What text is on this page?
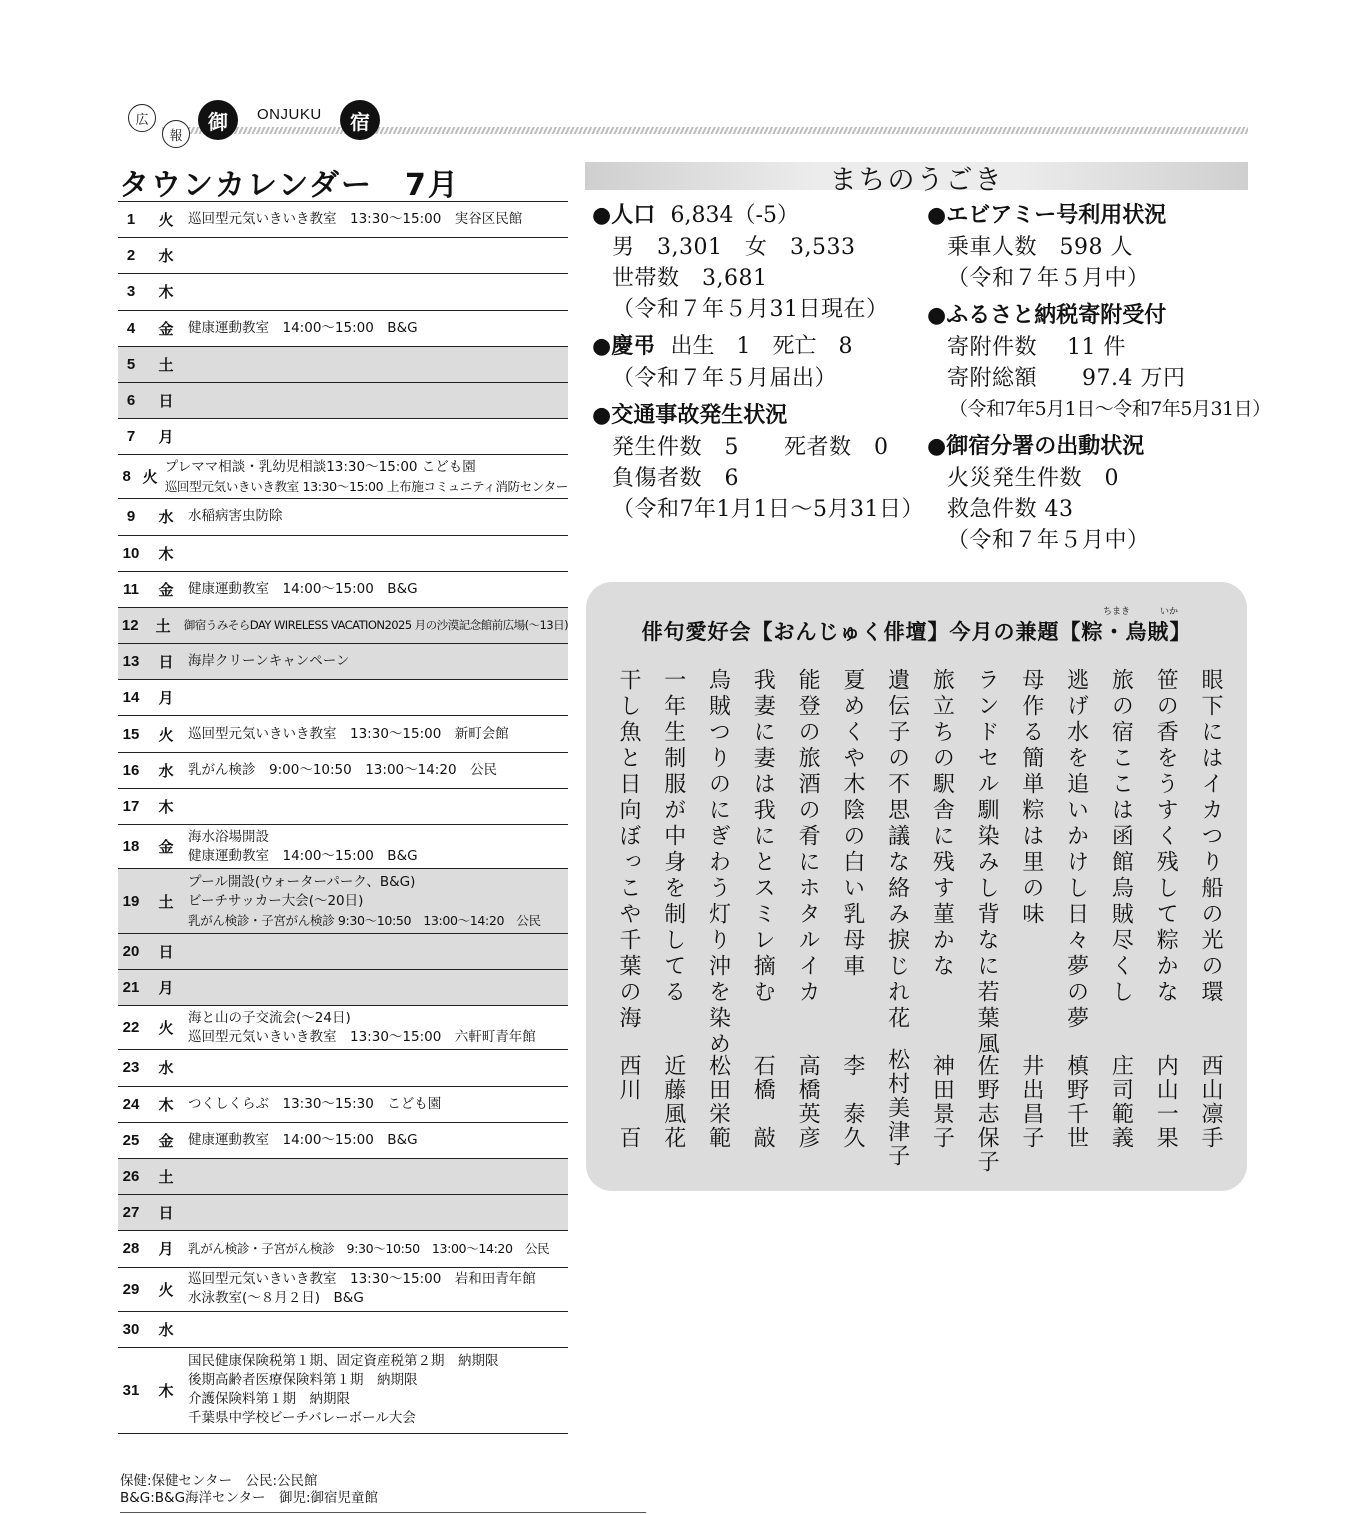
広
報
御	ONJUKU	宿
タウンカレンダー　7月
1	火	巡回型元気いきいき教室　13:30～15:00　実谷区民館
2	水
3	木
4	金	健康運動教室　14:00～15:00　B&G
5	土
6	日
7	月
8 火
プレママ相談・乳幼児相談13:30～15:00 こども園
巡回型元気いきいき教室 13:30～15:00 上布施コミュニティ消防センター
9	水	水稲病害虫防除
10	木
11	金	健康運動教室　14:00～15:00　B&G
12	土	御宿うみそらDAY WIRELESS VACATION2025 月の沙漠記念館前広場(～13日)
13	日	海岸クリーンキャンペーン
14	月
15	火	巡回型元気いきいき教室　13:30～15:00　新町会館
16	水	乳がん検診　9:00～10:50　13:00～14:20　公民
17	木
18	金
海水浴場開設
健康運動教室　14:00～15:00　B&G
19	土
プール開設(ウォーターパーク、B&G)
ビーチサッカー大会(～20日)
乳がん検診・子宮がん検診 9:30～10:50　13:00～14:20　公民
20	日
21	月
22	火
海と山の子交流会(～24日)
巡回型元気いきいき教室　13:30～15:00　六軒町青年館
23	水
24	木	つくしくらぶ　13:30～15:30　こども園
25	金	健康運動教室　14:00～15:00　B&G
26	土
27	日
28	月	乳がん検診・子宮がん検診　9:30～10:50　13:00～14:20　公民
29	火
巡回型元気いきいき教室　13:30～15:00　岩和田青年館
水泳教室(～８月２日)　B&G
30	水
31	木
国民健康保険税第１期、固定資産税第２期　納期限
後期高齢者医療保険料第１期　納期限
介護保険料第１期　納期限
千葉県中学校ビーチバレーボール大会
保健:保健センター　公民:公民館
B&G:B&G海洋センター　御児:御宿児童館
まちのうごき
●人口 6,834（-5）
男　3,301　女　3,533
世帯数　3,681
（令和７年５月31日現在）
●慶弔 出生　1　死亡　8
（令和７年５月届出）
●交通事故発生状況
発生件数　5　　死者数　0
負傷者数　6
（令和7年1月1日～5月31日）
●エビアミー号利用状況
乗車人数　598 人
（令和７年５月中）
●ふるさと納税寄附受付
寄附件数　 11 件
寄附総額　　97.4 万円
（令和7年5月1日～令和7年5月31日）
●御宿分署の出動状況
火災発生件数　0
救急件数 43
（令和７年５月中）
ちまき	いか
俳句愛好会【おんじゅく俳壇】今月の兼題【粽・烏賊】
眼下にはイカつり船の光の環
西山凛手
笹の香をうすく残して粽かな
内山一果
旅の宿ここは函館烏賊尽くし
庄司範義
逃げ水を追いかけし日々夢の夢
槙野千世
母作る簡単粽は里の味
井出昌子
ランドセル馴染みし背なに若葉風
佐野志保子
旅立ちの駅舎に残す菫かな
神田景子
遺伝子の不思議な絡み捩じれ花
松村美津子
夏めくや木陰の白い乳母車
李　泰久
能登の旅酒の肴にホタルイカ
高橋英彦
我妻に妻は我にとスミレ摘む
石橋　敲
烏賊つりのにぎわう灯り沖を染め
松田栄範
一年生制服が中身を制してる
近藤風花
干し魚と日向ぼっこや千葉の海
西川　百
